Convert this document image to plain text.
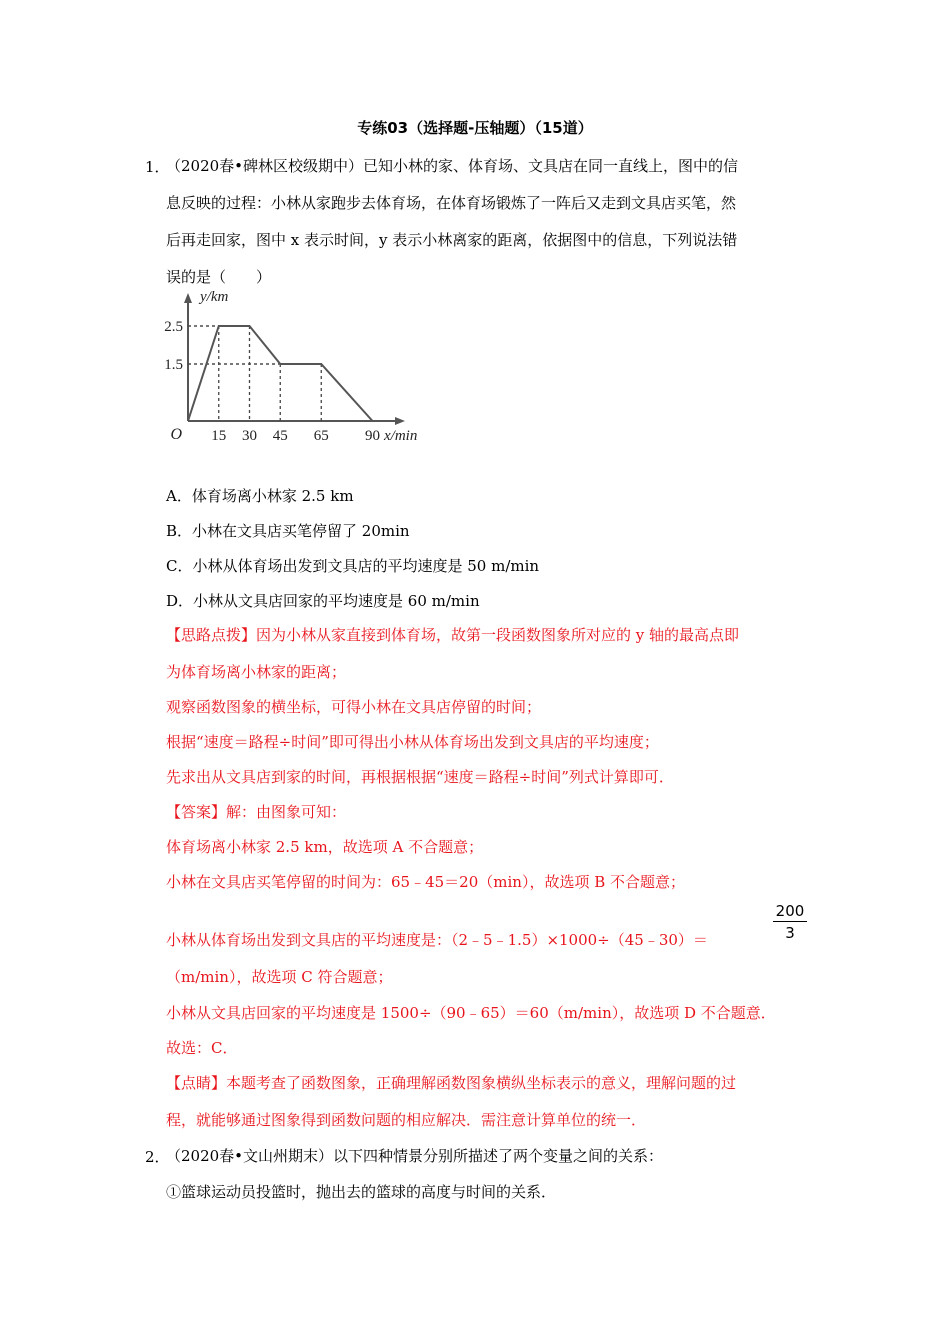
专练03（选择题-压轴题）（15道）
1．
（2020春•碑林区校级期中）已知小林的家、体育场、文具店在同一直线上，图中的信
息反映的过程：小林从家跑步去体育场，在体育场锻炼了一阵后又走到文具店买笔，然
后再走回家，图中 x 表示时间，y 表示小林离家的距离，依据图中的信息，下列说法错
误的是（　　）
15 30 45 65 90
1.5
2.5
O	x/min
y/km
A．体育场离小林家 2.5 km
B．小林在文具店买笔停留了 20min
C．小林从体育场出发到文具店的平均速度是 50 m/min
D．小林从文具店回家的平均速度是 60 m/min
【思路点拨】因为小林从家直接到体育场，故第一段函数图象所对应的 y 轴的最高点即
为体育场离小林家的距离；
观察函数图象的横坐标，可得小林在文具店停留的时间；
根据“速度＝路程÷时间”即可得出小林从体育场出发到文具店的平均速度；
先求出从文具店到家的时间，再根据根据“速度＝路程÷时间”列式计算即可．
【答案】解：由图象可知：
体育场离小林家 2.5 km，故选项 A 不合题意；
小林在文具店买笔停留的时间为：65﹣45＝20（min），故选项 B 不合题意；
小林从体育场出发到文具店的平均速度是：（2﹣5﹣1.5）×1000÷（45﹣30）＝	$\frac{200}{3}$
（m/min），故选项 C 符合题意；
小林从文具店回家的平均速度是 1500÷（90﹣65）＝60（m/min），故选项 D 不合题意．
故选：C．
【点睛】本题考查了函数图象，正确理解函数图象横纵坐标表示的意义，理解问题的过
程，就能够通过图象得到函数问题的相应解决．需注意计算单位的统一．
2．
（2020春•文山州期末）以下四种情景分别所描述了两个变量之间的关系：
①篮球运动员投篮时，抛出去的篮球的高度与时间的关系．
